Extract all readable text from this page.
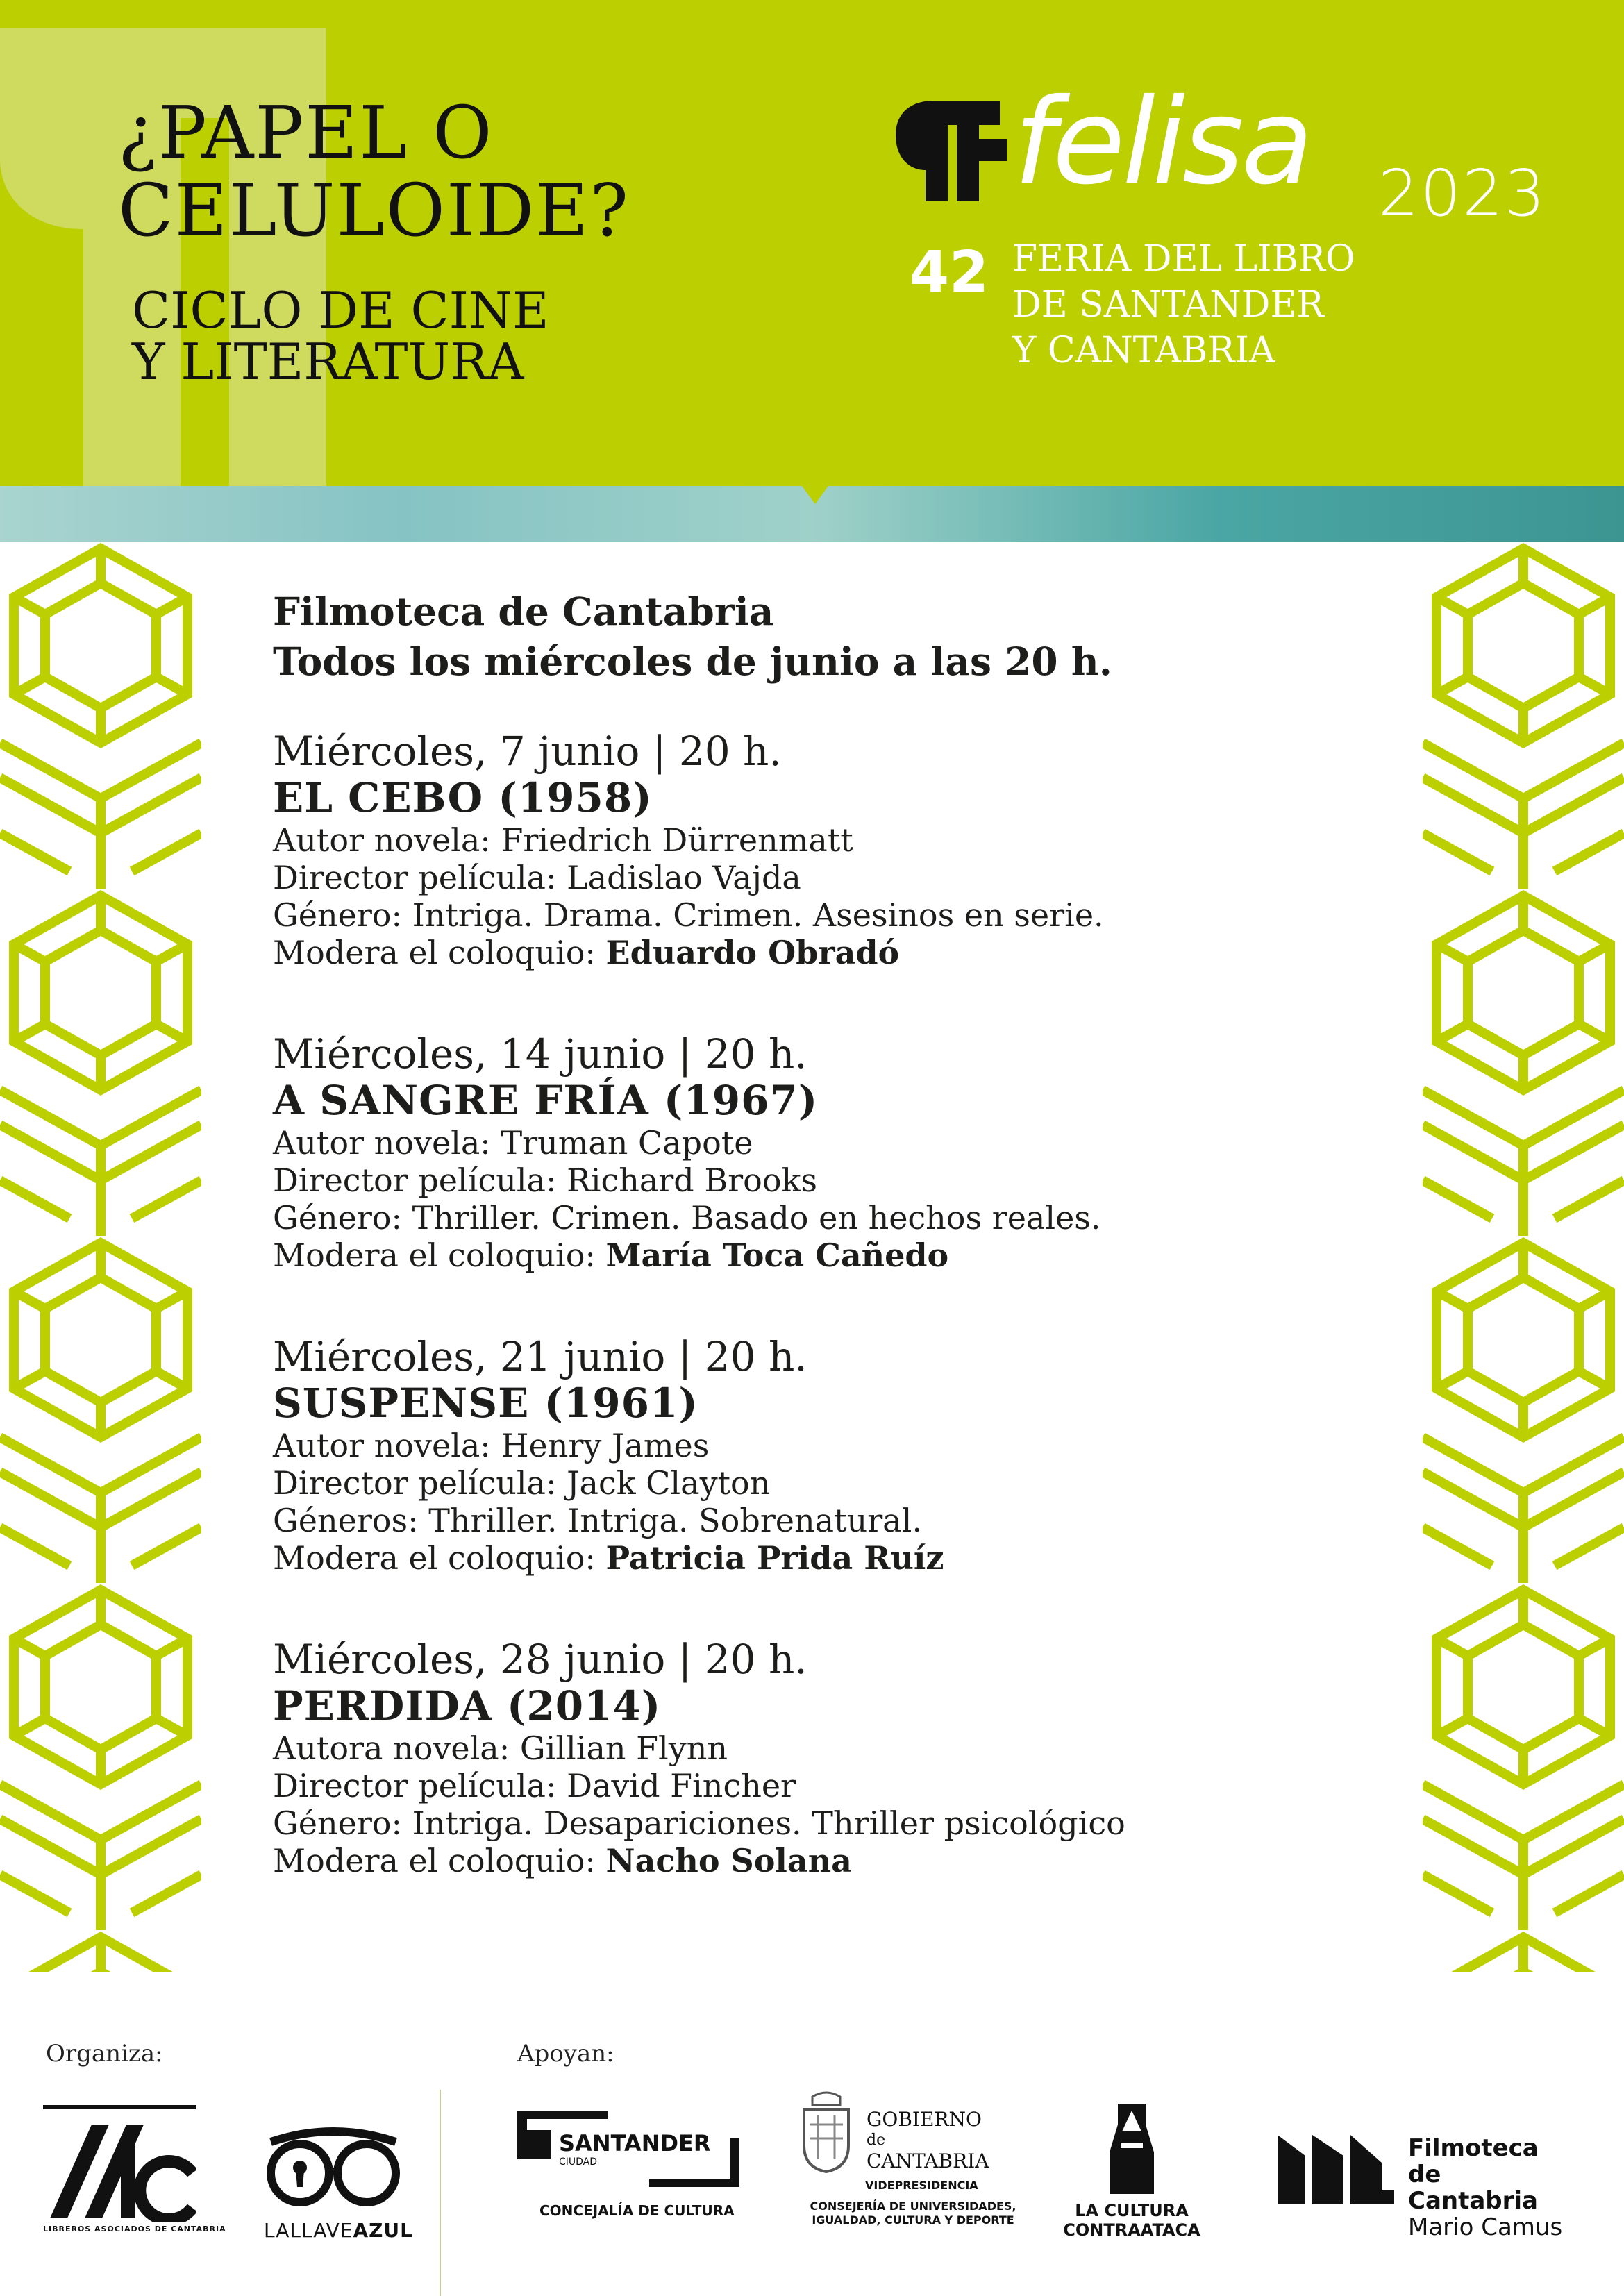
¿PAPEL O
CELULOIDE?
CICLO DE CINE
Y LITERATURA
felisa 2023
42 FERIA DEL LIBRO
DE SANTANDER
Y CANTABRIA
Filmoteca de Cantabria
Todos los miércoles de junio a las 20 h.
Miércoles, 7 junio | 20 h.
EL CEBO (1958)
Autor novela: Friedrich Dürrenmatt
Director película: Ladislao Vajda
Género: Intriga. Drama. Crimen. Asesinos en serie.
Modera el coloquio: Eduardo Obradó
Miércoles, 14 junio | 20 h.
A SANGRE FRÍA (1967)
Autor novela: Truman Capote
Director película: Richard Brooks
Género: Thriller. Crimen. Basado en hechos reales.
Modera el coloquio: María Toca Cañedo
Miércoles, 21 junio | 20 h.
SUSPENSE (1961)
Autor novela: Henry James
Director película: Jack Clayton
Géneros: Thriller. Intriga. Sobrenatural.
Modera el coloquio: Patricia Prida Ruíz
Miércoles, 28 junio | 20 h.
PERDIDA (2014)
Autora novela: Gillian Flynn
Director película: David Fincher
Género: Intriga. Desapariciones. Thriller psicológico
Modera el coloquio: Nacho Solana
Organiza:	Apoyan:
LIBREROS ASOCIADOS DE CANTABRIA LALLAVEAZUL
SANTANDER
CIUDAD
CONCEJALÍA DE CULTURA
GOBIERNO
de
CANTABRIA
VIDEPRESIDENCIA
CONSEJERÍA DE UNIVERSIDADES,
IGUALDAD, CULTURA Y DEPORTE	LA CULTURA
CONTRAATACA
Filmoteca
de Cantabria
Mario Camus
